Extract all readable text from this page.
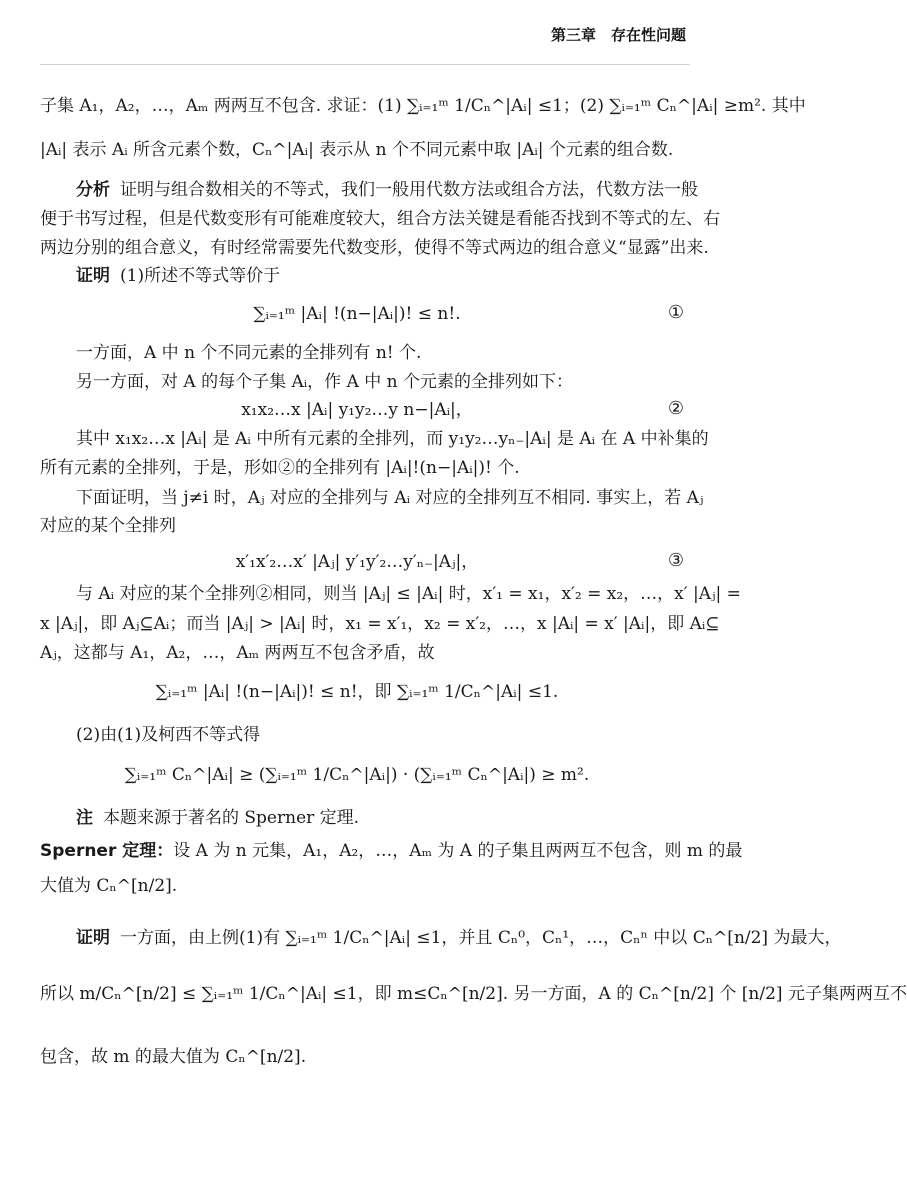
第三章　存在性问题
子集 A₁，A₂，…，Aₘ 两两互不包含. 求证：(1) ∑ᵢ₌₁ᵐ 1/Cₙ^|Aᵢ| ≤1；(2) ∑ᵢ₌₁ᵐ Cₙ^|Aᵢ| ≥m². 其中
|Aᵢ| 表示 Aᵢ 所含元素个数，Cₙ^|Aᵢ| 表示从 n 个不同元素中取 |Aᵢ| 个元素的组合数.
分析 证明与组合数相关的不等式，我们一般用代数方法或组合方法，代数方法一般
便于书写过程，但是代数变形有可能难度较大，组合方法关键是看能否找到不等式的左、右
两边分别的组合意义，有时经常需要先代数变形，使得不等式两边的组合意义“显露”出来.
证明 (1)所述不等式等价于
∑ᵢ₌₁ᵐ |Aᵢ| !(n−|Aᵢ|)! ≤ n!.	①
一方面，A 中 n 个不同元素的全排列有 n! 个.
另一方面，对 A 的每个子集 Aᵢ，作 A 中 n 个元素的全排列如下：
x₁x₂…x |Aᵢ| y₁y₂…y n−|Aᵢ|，	②
其中 x₁x₂…x |Aᵢ| 是 Aᵢ 中所有元素的全排列，而 y₁y₂…yₙ₋|Aᵢ| 是 Aᵢ 在 A 中补集的
所有元素的全排列，于是，形如②的全排列有 |Aᵢ|!(n−|Aᵢ|)! 个.
下面证明，当 j≠i 时，Aⱼ 对应的全排列与 Aᵢ 对应的全排列互不相同. 事实上，若 Aⱼ
对应的某个全排列
x′₁x′₂…x′ |Aⱼ| y′₁y′₂…y′ₙ₋|Aⱼ|，	③
与 Aᵢ 对应的某个全排列②相同，则当 |Aⱼ| ≤ |Aᵢ| 时，x′₁ = x₁，x′₂ = x₂，…，x′ |Aⱼ| =
x |Aⱼ|，即 Aⱼ⊆Aᵢ；而当 |Aⱼ| > |Aᵢ| 时，x₁ = x′₁，x₂ = x′₂，…，x |Aᵢ| = x′ |Aᵢ|，即 Aᵢ⊆
Aⱼ，这都与 A₁，A₂，…，Aₘ 两两互不包含矛盾，故
∑ᵢ₌₁ᵐ |Aᵢ| !(n−|Aᵢ|)! ≤ n!，即 ∑ᵢ₌₁ᵐ 1/Cₙ^|Aᵢ| ≤1.
(2)由(1)及柯西不等式得
∑ᵢ₌₁ᵐ Cₙ^|Aᵢ| ≥ (∑ᵢ₌₁ᵐ 1/Cₙ^|Aᵢ|) · (∑ᵢ₌₁ᵐ Cₙ^|Aᵢ|) ≥ m².
注 本题来源于著名的 Sperner 定理.
Sperner 定理：设 A 为 n 元集，A₁，A₂，…，Aₘ 为 A 的子集且两两互不包含，则 m 的最
大值为 Cₙ^[n/2].
证明 一方面，由上例(1)有 ∑ᵢ₌₁ᵐ 1/Cₙ^|Aᵢ| ≤1，并且 Cₙ⁰，Cₙ¹，…，Cₙⁿ 中以 Cₙ^[n/2] 为最大，
所以 m/Cₙ^[n/2] ≤ ∑ᵢ₌₁ᵐ 1/Cₙ^|Aᵢ| ≤1，即 m≤Cₙ^[n/2]. 另一方面，A 的 Cₙ^[n/2] 个 [n/2] 元子集两两互不
包含，故 m 的最大值为 Cₙ^[n/2].
